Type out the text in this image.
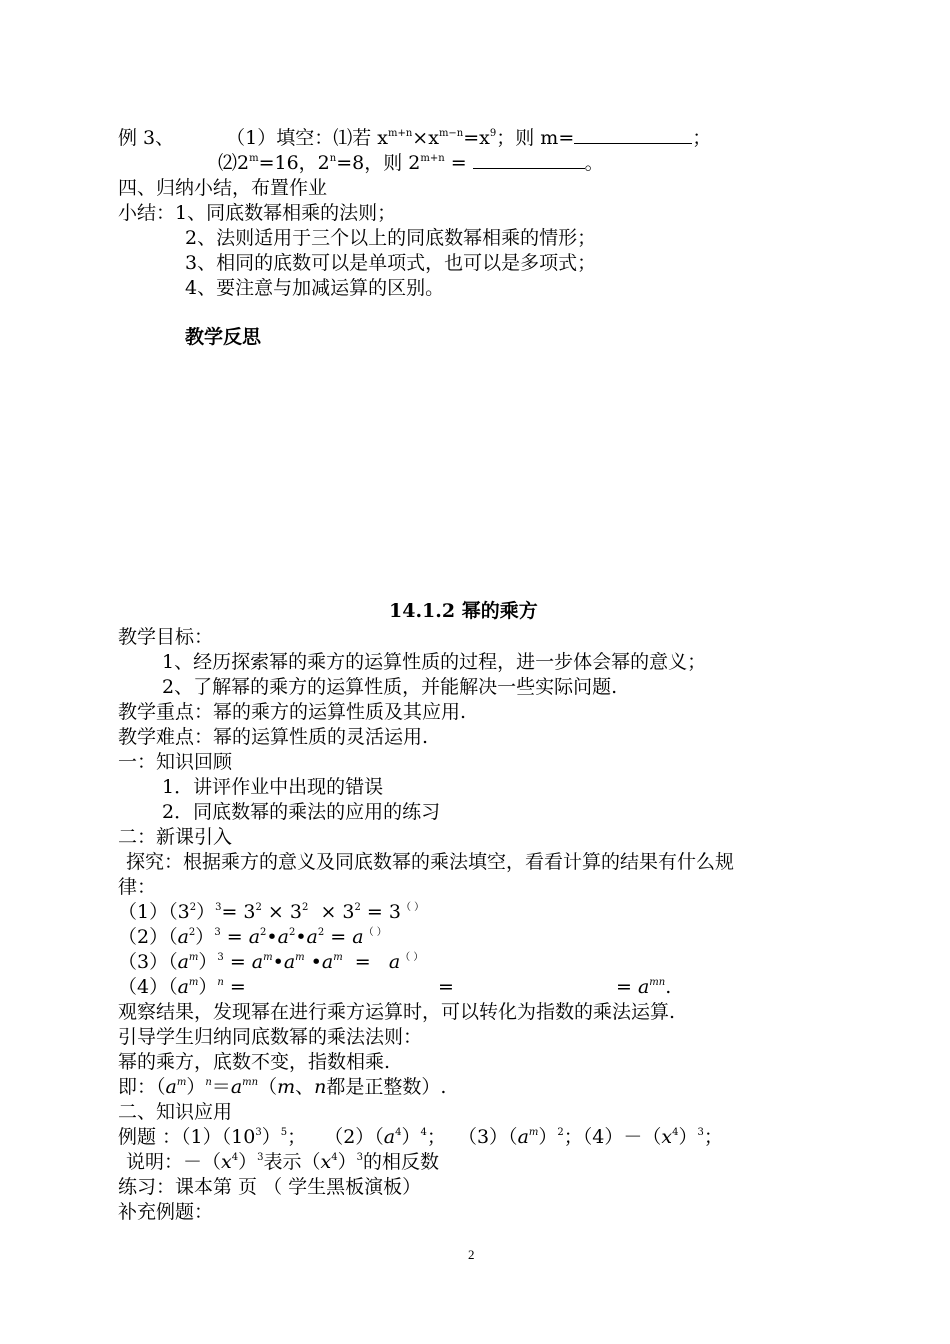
例 3、	（1）填空：⑴若 $x^{m+n}\times x^{m-n}=x^9$；则 m=	；
$⑵2^m=16$，$2^n=8$，则 $2^{m+n}$ =	。
四、归纳小结，布置作业
小结：1、同底数幂相乘的法则；
2、法则适用于三个以上的同底数幂相乘的情形；
3、相同的底数可以是单项式，也可以是多项式；
4、要注意与加减运算的区别。
教学反思
14.1.2 幂的乘方
教学目标：
1、经历探索幂的乘方的运算性质的过程，进一步体会幂的意义；
2、了解幂的乘方的运算性质，并能解决一些实际问题.
教学重点：幂的乘方的运算性质及其应用.
教学难点：幂的运算性质的灵活运用.
一：知识回顾
1．讲评作业中出现的错误
2．同底数幂的乘法的应用的练习
二：新课引入
探究：根据乘方的意义及同底数幂的乘法填空，看看计算的结果有什么规
律：
$(1)(3^2)^3= 3^2 \times 3^2 \times 3^2 = 3^{( )}$
$(2)(a^2)^3$ = $a^2•a^2•a^2 = a^{( )}$
$(3)(a^m)^3$ = $a^m•a^m$ $•a^m = a^{( )}$
$(4)(a^m)^n$ =	=	= $a^{mn}$.
观察结果，发现幂在进行乘方运算时，可以转化为指数的乘法运算.
引导学生归纳同底数幂的乘法法则：
幂的乘方，底数不变，指数相乘.
即：$(a^m)^n=a^{mn}(m$、n都是正整数）.
二、知识应用
例题 ：$(1)(10^3)^5$；   $(2)(a^4)^4$；  $(3)(a^m)^2$；$(4)-(x^4)^3$；
说明：$-(x^4)^3$表示$(x^4)^3$的相反数
练习：课本第 页 （ 学生黑板演板）
补充例题：
2
